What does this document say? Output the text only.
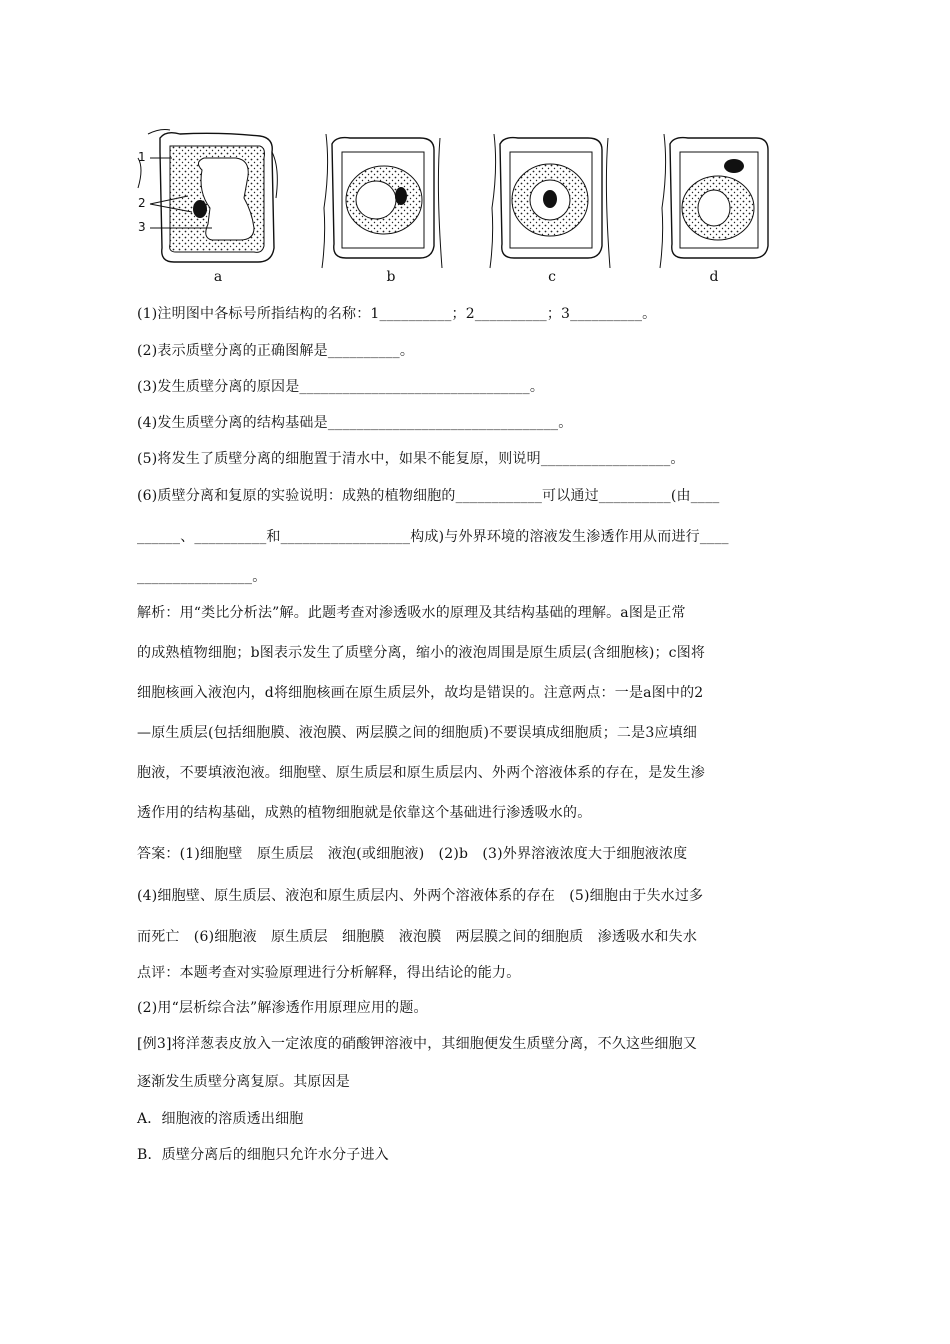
1
2
3
a	b	c	d
(1)注明图中各标号所指结构的名称：1__________；2__________；3__________。
(2)表示质壁分离的正确图解是__________。
(3)发生质壁分离的原因是________________________________。
(4)发生质壁分离的结构基础是________________________________。
(5)将发生了质壁分离的细胞置于清水中，如果不能复原，则说明__________________。
(6)质壁分离和复原的实验说明：成熟的植物细胞的____________可以通过__________(由____
______、__________和__________________构成)与外界环境的溶液发生渗透作用从而进行____
________________。
解析：用“类比分析法”解。此题考查对渗透吸水的原理及其结构基础的理解。a图是正常
的成熟植物细胞；b图表示发生了质壁分离，缩小的液泡周围是原生质层(含细胞核)；c图将
细胞核画入液泡内，d将细胞核画在原生质层外，故均是错误的。注意两点：一是a图中的2
—原生质层(包括细胞膜、液泡膜、两层膜之间的细胞质)不要误填成细胞质；二是3应填细
胞液，不要填液泡液。细胞壁、原生质层和原生质层内、外两个溶液体系的存在，是发生渗
透作用的结构基础，成熟的植物细胞就是依靠这个基础进行渗透吸水的。
答案：(1)细胞壁　原生质层　液泡(或细胞液)　(2)b　(3)外界溶液浓度大于细胞液浓度
(4)细胞壁、原生质层、液泡和原生质层内、外两个溶液体系的存在　(5)细胞由于失水过多
而死亡　(6)细胞液　原生质层　细胞膜　液泡膜　两层膜之间的细胞质　渗透吸水和失水
点评：本题考查对实验原理进行分析解释，得出结论的能力。
(2)用“层析综合法”解渗透作用原理应用的题。
[例3]将洋葱表皮放入一定浓度的硝酸钾溶液中，其细胞便发生质壁分离，不久这些细胞又
逐渐发生质壁分离复原。其原因是
A．细胞液的溶质透出细胞
B．质壁分离后的细胞只允许水分子进入
